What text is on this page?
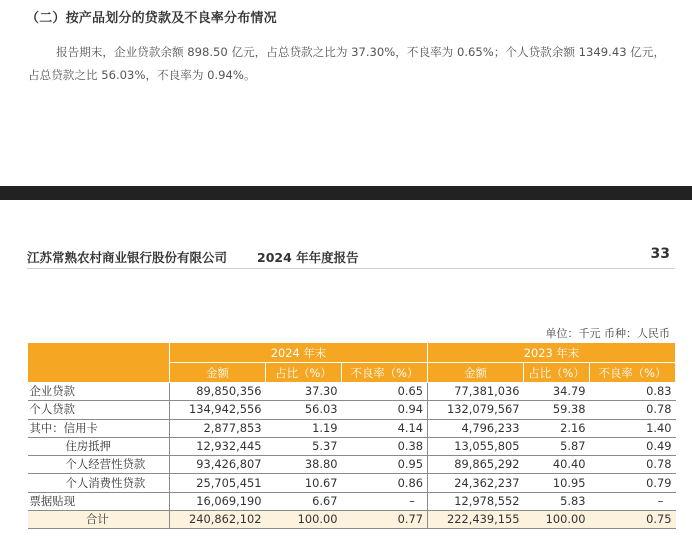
（二）按产品划分的贷款及不良率分布情况
报告期末，企业贷款余额 898.50 亿元，占总贷款之比为 37.30%，不良率为 0.65%；个人贷款余额 1349.43 亿元，
占总贷款之比 56.03%，不良率为 0.94%。
江苏常熟农村商业银行股份有限公司 2024 年年度报告	33
单位：千元 币种：人民币
	2024 年末			2023 年末		
	金额	占比（%）	不良率（%）	金额	占比（%）	不良率（%）
企业贷款	89,850,356	37.30	0.65	77,381,036	34.79	0.83
个人贷款	134,942,556	56.03	0.94	132,079,567	59.38	0.78
其中：信用卡	2,877,853	1.19	4.14	4,796,233	2.16	1.40
住房抵押	12,932,445	5.37	0.38	13,055,805	5.87	0.49
个人经营性贷款	93,426,807	38.80	0.95	89,865,292	40.40	0.78
个人消费性贷款	25,705,451	10.67	0.86	24,362,237	10.95	0.79
票据贴现	16,069,190	6.67	–	12,978,552	5.83	–
合计	240,862,102	100.00	0.77	222,439,155	100.00	0.75
